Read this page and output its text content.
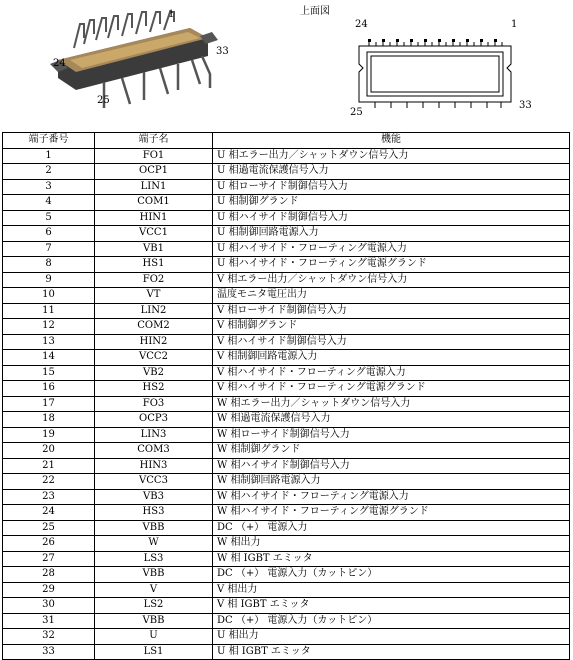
1
33
24
25
上面図
24	1
25
33
端子番号	端子名	機能
1	FO1	U 相エラー出力／シャットダウン信号入力
2	OCP1	U 相過電流保護信号入力
3	LIN1	U 相ローサイド制御信号入力
4	COM1	U 相制御グランド
5	HIN1	U 相ハイサイド制御信号入力
6	VCC1	U 相制御回路電源入力
7	VB1	U 相ハイサイド・フローティング電源入力
8	HS1	U 相ハイサイド・フローティング電源グランド
9	FO2	V 相エラー出力／シャットダウン信号入力
10	VT	温度モニタ電圧出力
11	LIN2	V 相ローサイド制御信号入力
12	COM2	V 相制御グランド
13	HIN2	V 相ハイサイド制御信号入力
14	VCC2	V 相制御回路電源入力
15	VB2	V 相ハイサイド・フローティング電源入力
16	HS2	V 相ハイサイド・フローティング電源グランド
17	FO3	W 相エラー出力／シャットダウン信号入力
18	OCP3	W 相過電流保護信号入力
19	LIN3	W 相ローサイド制御信号入力
20	COM3	W 相制御グランド
21	HIN3	W 相ハイサイド制御信号入力
22	VCC3	W 相制御回路電源入力
23	VB3	W 相ハイサイド・フローティング電源入力
24	HS3	W 相ハイサイド・フローティング電源グランド
25	VBB	DC （+） 電源入力
26	W	W 相出力
27	LS3	W 相 IGBT エミッタ
28	VBB	DC （+） 電源入力（カットピン）
29	V	V 相出力
30	LS2	V 相 IGBT エミッタ
31	VBB	DC （+） 電源入力（カットピン）
32	U	U 相出力
33	LS1	U 相 IGBT エミッタ
